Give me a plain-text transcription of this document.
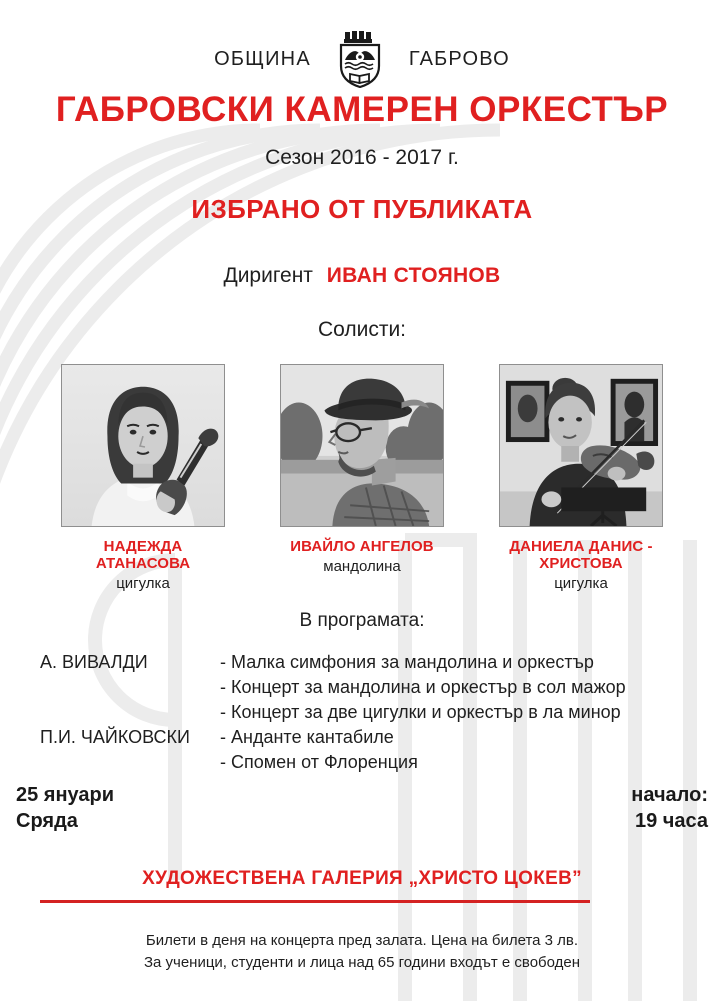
ОБЩИНА	ГАБРОВО
ГАБРОВСКИ КАМЕРЕН ОРКЕСТЪР
Сезон 2016 - 2017 г.
ИЗБРАНО ОТ ПУБЛИКАТА
Диригент ИВАН СТОЯНОВ
Солисти:
НАДЕЖДА АТАНАСОВА
цигулка
ИВАЙЛО АНГЕЛОВ
мандолина
ДАНИЕЛА ДАНИС - ХРИСТОВА
цигулка
В програмата:
А. ВИВАЛДИ	- Малка симфония за мандолина и оркестър
- Концерт за мандолина и оркестър в сол мажор
- Концерт за две цигулки и оркестър в ла минор
П.И. ЧАЙКОВСКИ	- Андантe кантабиле
- Спомен от Флоренция
25 януари
Сряда
начало:
19 часа
ХУДОЖЕСТВЕНА ГАЛЕРИЯ „ХРИСТО ЦОКЕВ”
Билети в деня на концерта пред залата. Цена на билета 3 лв.
За ученици, студенти и лица над 65 години входът е свободен
